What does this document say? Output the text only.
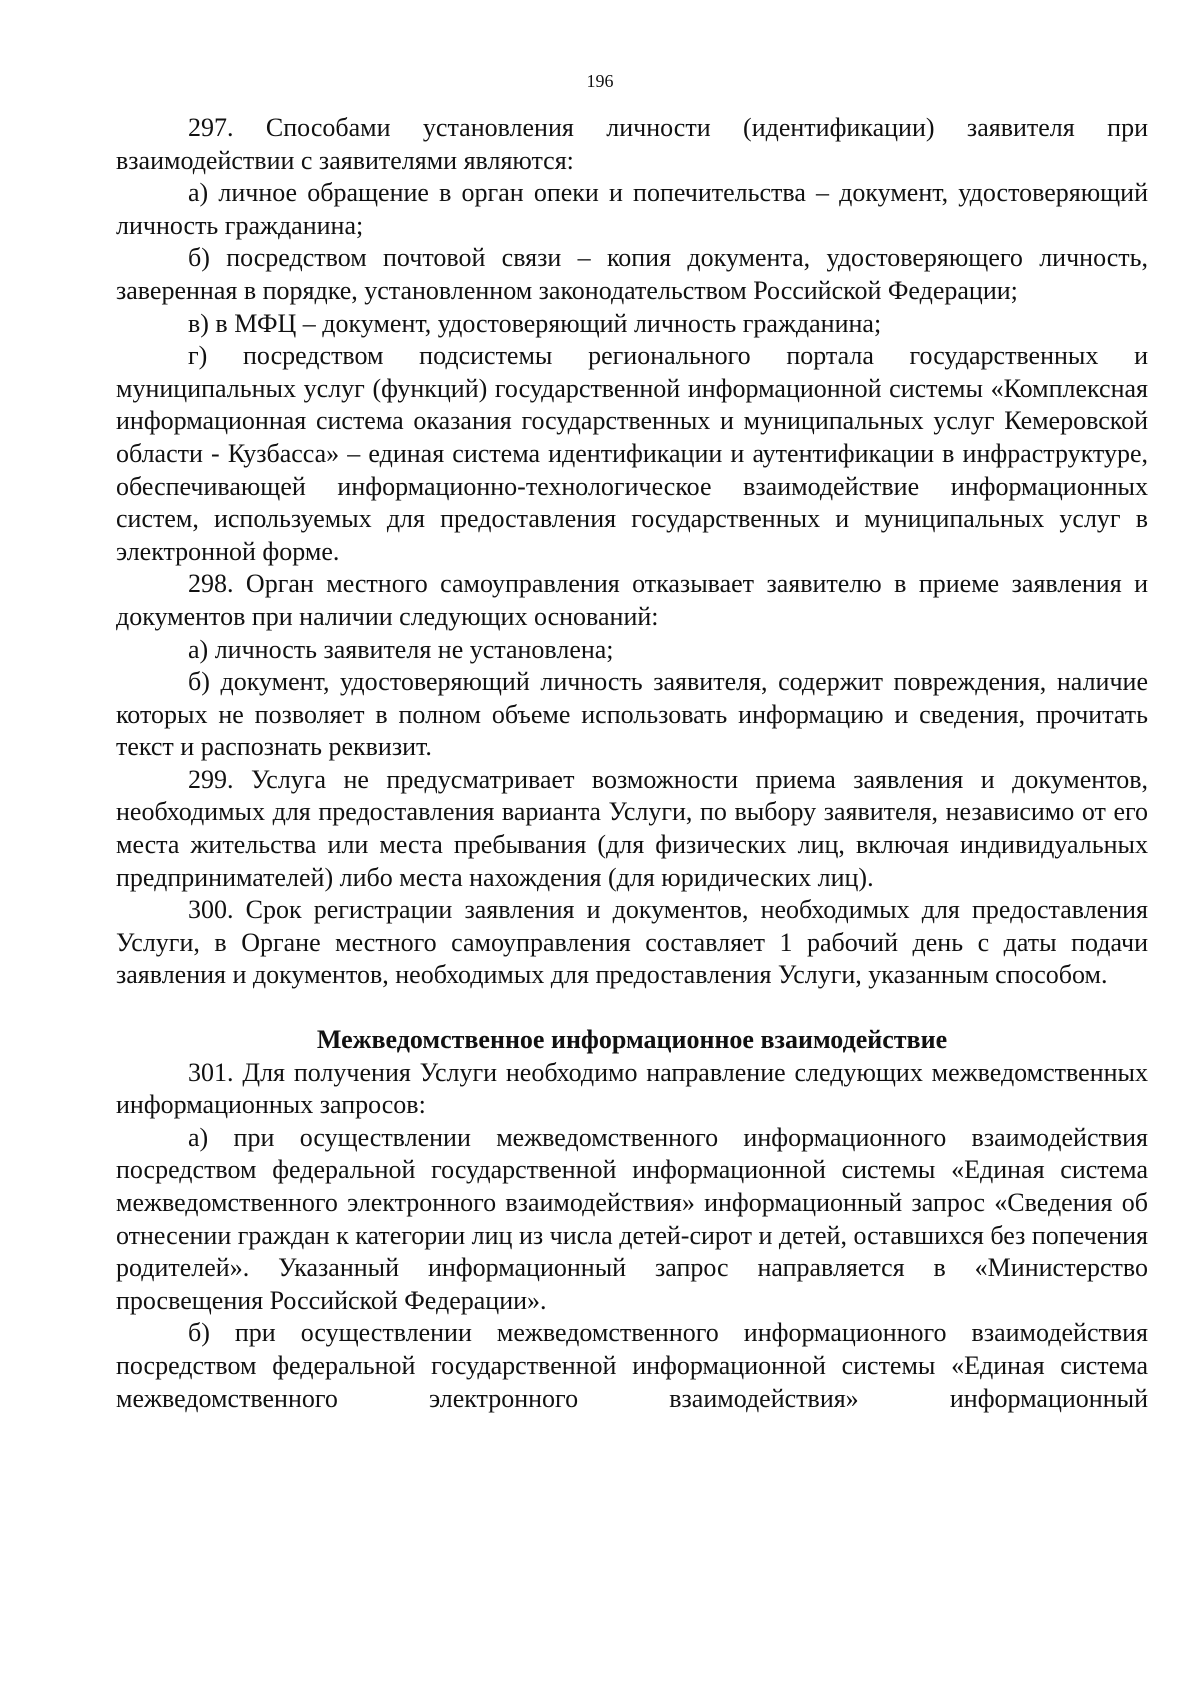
196

297. Способами установления личности (идентификации) заявителя при взаимодействии с заявителями являются:

а) личное обращение в орган опеки и попечительства – документ, удостоверяющий личность гражданина;

б) посредством почтовой связи – копия документа, удостоверяющего личность, заверенная в порядке, установленном законодательством Российской Федерации;

в) в МФЦ – документ, удостоверяющий личность гражданина;

г) посредством подсистемы регионального портала государственных и муниципальных услуг (функций) государственной информационной системы «Комплексная информационная система оказания государственных и муниципальных услуг Кемеровской области - Кузбасса» – единая система идентификации и аутентификации в инфраструктуре, обеспечивающей информационно-технологическое взаимодействие информационных систем, используемых для предоставления государственных и муниципальных услуг в электронной форме.

298. Орган местного самоуправления отказывает заявителю в приеме заявления и документов при наличии следующих оснований:

а) личность заявителя не установлена;

б) документ, удостоверяющий личность заявителя, содержит повреждения, наличие которых не позволяет в полном объеме использовать информацию и сведения, прочитать текст и распознать реквизит.

299. Услуга не предусматривает возможности приема заявления и документов, необходимых для предоставления варианта Услуги, по выбору заявителя, независимо от его места жительства или места пребывания (для физических лиц, включая индивидуальных предпринимателей) либо места нахождения (для юридических лиц).

300. Срок регистрации заявления и документов, необходимых для предоставления Услуги, в Органе местного самоуправления составляет 1 рабочий день с даты подачи заявления и документов, необходимых для предоставления Услуги, указанным способом.

Межведомственное информационное взаимодействие

301. Для получения Услуги необходимо направление следующих межведомственных информационных запросов:

а) при осуществлении межведомственного информационного взаимодействия посредством федеральной государственной информационной системы «Единая система межведомственного электронного взаимодействия» информационный запрос «Сведения об отнесении граждан к категории лиц из числа детей-сирот и детей, оставшихся без попечения родителей». Указанный информационный запрос направляется в «Министерство просвещения Российской Федерации».

б) при осуществлении межведомственного информационного взаимодействия посредством федеральной государственной информационной системы «Единая система межведомственного электронного взаимодействия» информационный
